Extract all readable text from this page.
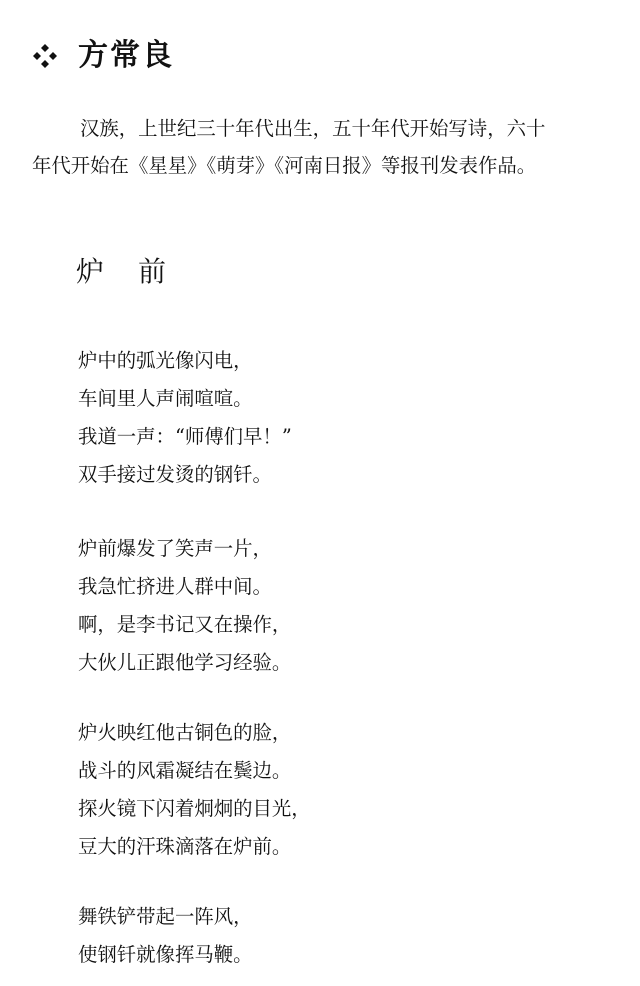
方常良

汉族，上世纪三十年代出生，五十年代开始写诗，六十
年代开始在《星星》《萌芽》《河南日报》等报刊发表作品。

炉 前
炉中的弧光像闪电，
车间里人声闹喧喧。
我道一声：“师傅们早！”
双手接过发烫的钢钎。
炉前爆发了笑声一片，
我急忙挤进人群中间。
啊，是李书记又在操作，
大伙儿正跟他学习经验。
炉火映红他古铜色的脸，
战斗的风霜凝结在鬓边。
探火镜下闪着炯炯的目光，
豆大的汗珠滴落在炉前。
舞铁铲带起一阵风，
使钢钎就像挥马鞭。
